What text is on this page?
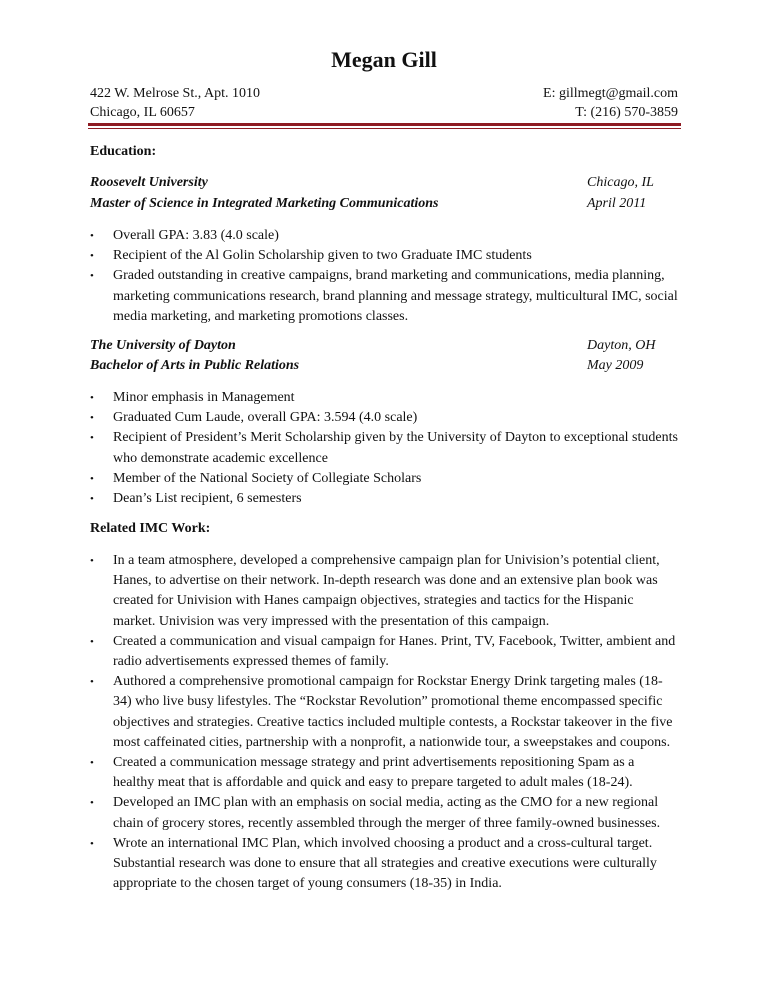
Megan Gill
422 W. Melrose St., Apt. 1010
Chicago, IL 60657
E: gillmegt@gmail.com
T: (216) 570-3859
Education:
Roosevelt University
Master of Science in Integrated Marketing Communications
Chicago, IL
April 2011
• Overall GPA: 3.83 (4.0 scale)
• Recipient of the Al Golin Scholarship given to two Graduate IMC students
• Graded outstanding in creative campaigns, brand marketing and communications, media planning, marketing communications research, brand planning and message strategy, multicultural IMC, social media marketing, and marketing promotions classes.
The University of Dayton
Bachelor of Arts in Public Relations
Dayton, OH
May 2009
• Minor emphasis in Management
• Graduated Cum Laude, overall GPA: 3.594 (4.0 scale)
• Recipient of President’s Merit Scholarship given by the University of Dayton to exceptional students who demonstrate academic excellence
• Member of the National Society of Collegiate Scholars
• Dean’s List recipient, 6 semesters
Related IMC Work:
• In a team atmosphere, developed a comprehensive campaign plan for Univision’s potential client, Hanes, to advertise on their network. In-depth research was done and an extensive plan book was created for Univision with Hanes campaign objectives, strategies and tactics for the Hispanic market. Univision was very impressed with the presentation of this campaign.
• Created a communication and visual campaign for Hanes. Print, TV, Facebook, Twitter, ambient and radio advertisements expressed themes of family.
• Authored a comprehensive promotional campaign for Rockstar Energy Drink targeting males (18-34) who live busy lifestyles. The “Rockstar Revolution” promotional theme encompassed specific objectives and strategies. Creative tactics included multiple contests, a Rockstar takeover in the five most caffeinated cities, partnership with a nonprofit, a nationwide tour, a sweepstakes and coupons.
• Created a communication message strategy and print advertisements repositioning Spam as a healthy meat that is affordable and quick and easy to prepare targeted to adult males (18-24).
• Developed an IMC plan with an emphasis on social media, acting as the CMO for a new regional chain of grocery stores, recently assembled through the merger of three family-owned businesses.
• Wrote an international IMC Plan, which involved choosing a product and a cross-cultural target. Substantial research was done to ensure that all strategies and creative executions were culturally appropriate to the chosen target of young consumers (18-35) in India.
